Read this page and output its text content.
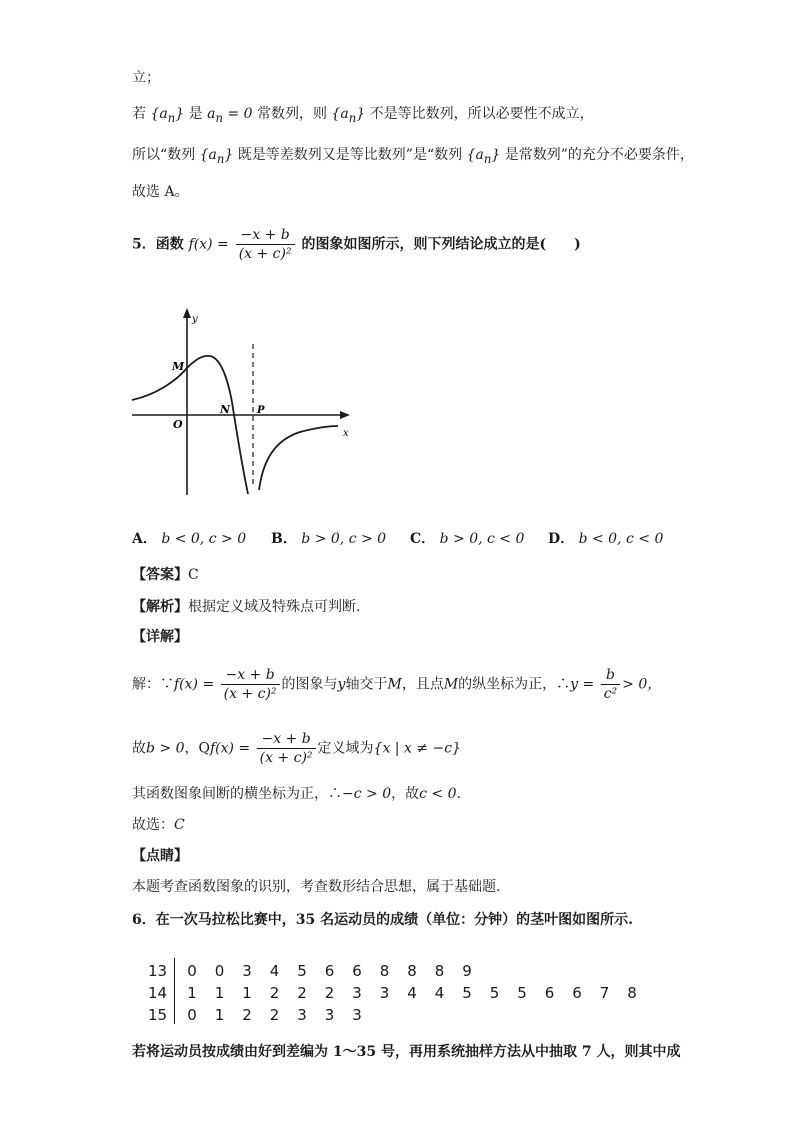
立；
若 $\{a_n\}$ 是 $a_n = 0$ 常数列，则 $\{a_n\}$ 不是等比数列，所以必要性不成立，
所以“数列 $\{a_n\}$ 既是等差数列又是等比数列”是“数列 $\{a_n\}$ 是常数列”的充分不必要条件，
故选 A。
5．函数 $f(x) = \frac{-x + b}{\text{(x + c)²}}$ 的图象如图所示，则下列结论成立的是(　　)
y
x
M
N	P
O
A． b < 0, c > 0 B． b > 0, c > 0 C． b > 0, c < 0 D． b < 0, c < 0
【答案】C
【解析】根据定义域及特殊点可判断.
【详解】
解：∵f(x) = $\frac{-x + b}{\text{(x + c)²}}$ 的图象与y轴交于M，且点M的纵坐标为正，∴y = $\frac{b}{\text{c²}} > 0$，
故b > 0，$Qf(x) = \frac{-x + b}{\text{(x + c)²}}$ 定义域为{x | x ≠ −c}
其函数图象间断的横坐标为正，∴−c > 0，故c < 0.
故选：C
【点睛】
本题考查函数图象的识别，考查数形结合思想，属于基础题.
6．在一次马拉松比赛中，35 名运动员的成绩（单位：分钟）的茎叶图如图所示.
13	0	0	3	4	5	6	6	8	8	8	9
14	1	1	1	2	2	2	3	3	4	4	5	5	5	6	6	7	8
15	0	1	2	2	3	3	3
若将运动员按成绩由好到差编为 1～35 号，再用系统抽样方法从中抽取 7 人，则其中成
